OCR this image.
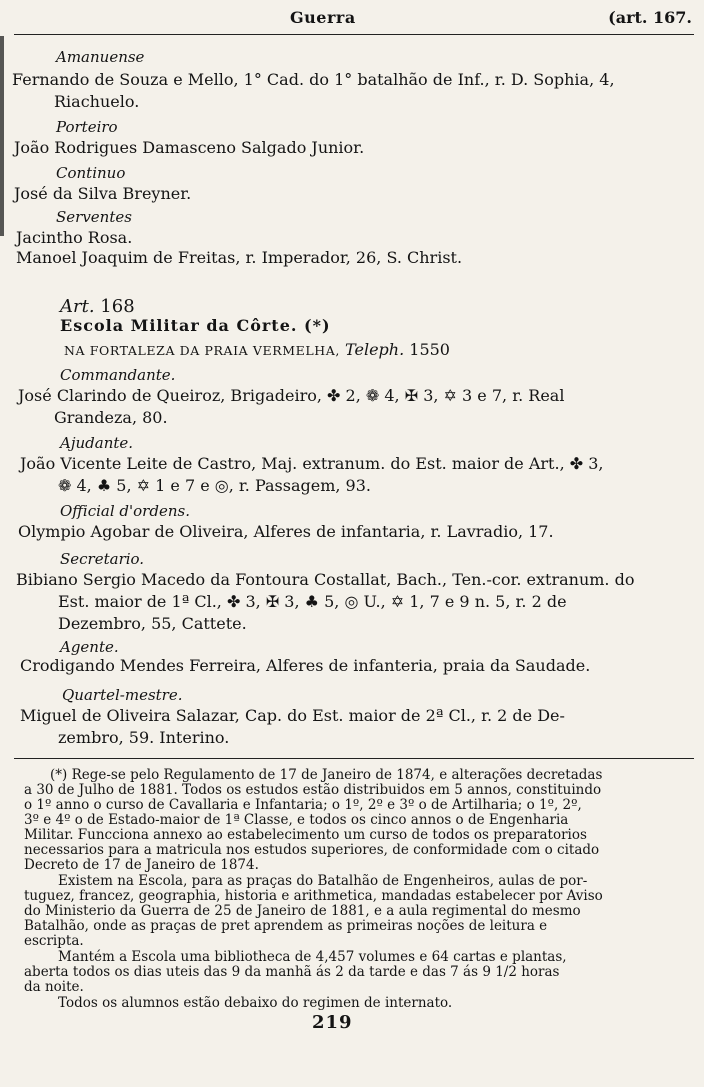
Guerra	(art. 167.
Amanuense
Fernando de Souza e Mello, 1° Cad. do 1° batalhão de Inf., r. D. Sophia, 4,
Riachuelo.
Porteiro
João Rodrigues Damasceno Salgado Junior.
Continuo
José da Silva Breyner.
Serventes
Jacintho Rosa.
Manoel Joaquim de Freitas, r. Imperador, 26, S. Christ.
Art. 168
Escola Militar da Côrte. (*)
NA FORTALEZA DA PRAIA VERMELHA, Teleph. 1550
Commandante.
José Clarindo de Queiroz, Brigadeiro, ✤ 2, ❁ 4, ✠ 3, ✡ 3 e 7, r. Real
Grandeza, 80.
Ajudante.
João Vicente Leite de Castro, Maj. extranum. do Est. maior de Art., ✤ 3,
❁ 4, ♣ 5, ✡ 1 e 7 e ◎, r. Passagem, 93.
Official d'ordens.
Olympio Agobar de Oliveira, Alferes de infantaria, r. Lavradio, 17.
Secretario.
Bibiano Sergio Macedo da Fontoura Costallat, Bach., Ten.-cor. extranum. do
Est. maior de 1ª Cl., ✤ 3, ✠ 3, ♣ 5, ◎ U., ✡ 1, 7 e 9 n. 5, r. 2 de
Dezembro, 55, Cattete.
Agente.
Crodigando Mendes Ferreira, Alferes de infanteria, praia da Saudade.
Quartel-mestre.
Miguel de Oliveira Salazar, Cap. do Est. maior de 2ª Cl., r. 2 de De-
zembro, 59. Interino.
(*) Rege-se pelo Regulamento de 17 de Janeiro de 1874, e alterações decretadas
a 30 de Julho de 1881. Todos os estudos estão distribuidos em 5 annos, constituindo
o 1º anno o curso de Cavallaria e Infantaria; o 1º, 2º e 3º o de Artilharia; o 1º, 2º,
3º e 4º o de Estado-maior de 1ª Classe, e todos os cinco annos o de Engenharia
Militar. Funcciona annexo ao estabelecimento um curso de todos os preparatorios
necessarios para a matricula nos estudos superiores, de conformidade com o citado
Decreto de 17 de Janeiro de 1874.
Existem na Escola, para as praças do Batalhão de Engenheiros, aulas de por-
tuguez, francez, geographia, historia e arithmetica, mandadas estabelecer por Aviso
do Ministerio da Guerra de 25 de Janeiro de 1881, e a aula regimental do mesmo
Batalhão, onde as praças de pret aprendem as primeiras noções de leitura e
escripta.
Mantém a Escola uma bibliotheca de 4,457 volumes e 64 cartas e plantas,
aberta todos os dias uteis das 9 da manhã ás 2 da tarde e das 7 ás 9 1/2 horas
da noite.
Todos os alumnos estão debaixo do regimen de internato.
219
